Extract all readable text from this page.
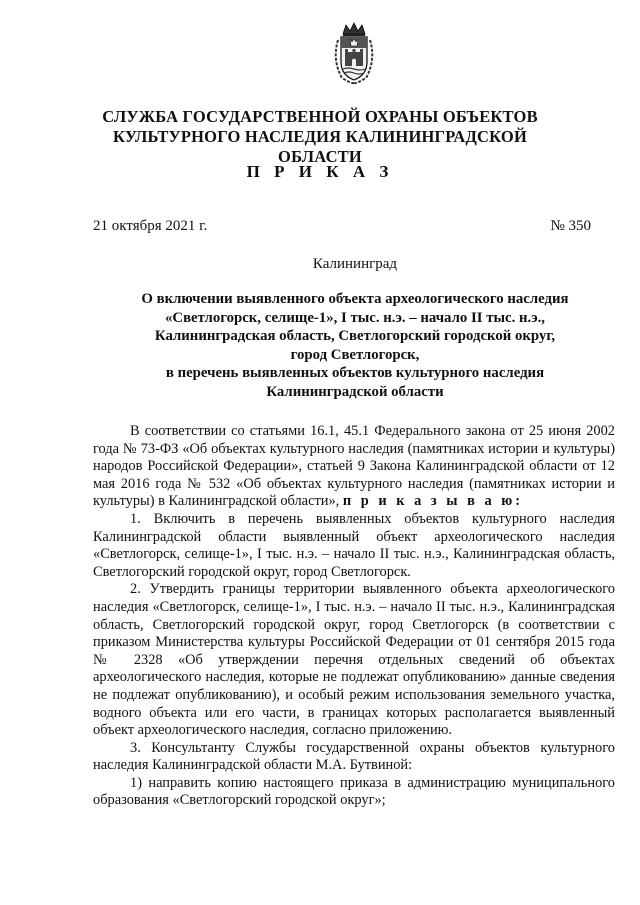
СЛУЖБА ГОСУДАРСТВЕННОЙ ОХРАНЫ ОБЪЕКТОВ
КУЛЬТУРНОГО НАСЛЕДИЯ КАЛИНИНГРАДСКОЙ ОБЛАСТИ
П Р И К А З
21 октября 2021 г.	№ 350
Калининград
О включении выявленного объекта археологического наследия
«Светлогорск, селище-1», I тыс. н.э. – начало II тыс. н.э.,
Калининградская область, Светлогорский городской округ,
город Светлогорск,
в перечень выявленных объектов культурного наследия
Калининградской области

В соответствии со статьями 16.1, 45.1 Федерального закона от 25 июня 2002 года № 73-ФЗ «Об объектах культурного наследия (памятниках истории и культуры) народов Российской Федерации», статьей 9 Закона Калининградской области от 12 мая 2016 года № 532 «Об объектах культурного наследия (памятниках истории и культуры) в Калининградской области», п р и к а з ы в а ю:

1. Включить в перечень выявленных объектов культурного наследия Калининградской области выявленный объект археологического наследия «Светлогорск, селище-1», I тыс. н.э. – начало II тыс. н.э., Калининградская область, Светлогорский городской округ, город Светлогорск.

2. Утвердить границы территории выявленного объекта археологического наследия «Светлогорск, селище-1», I тыс. н.э. – начало II тыс. н.э., Калининградская область, Светлогорский городской округ, город Светлогорск (в соответствии с приказом Министерства культуры Российской Федерации от 01 сентября 2015 года № 2328 «Об утверждении перечня отдельных сведений об объектах археологического наследия, которые не подлежат опубликованию» данные сведения не подлежат опубликованию), и особый режим использования земельного участка, водного объекта или его части, в границах которых располагается выявленный объект археологического наследия, согласно приложению.

3. Консультанту Службы государственной охраны объектов культурного наследия Калининградской области М.А. Бутвиной:

1) направить копию настоящего приказа в администрацию муниципального образования «Светлогорский городской округ»;
